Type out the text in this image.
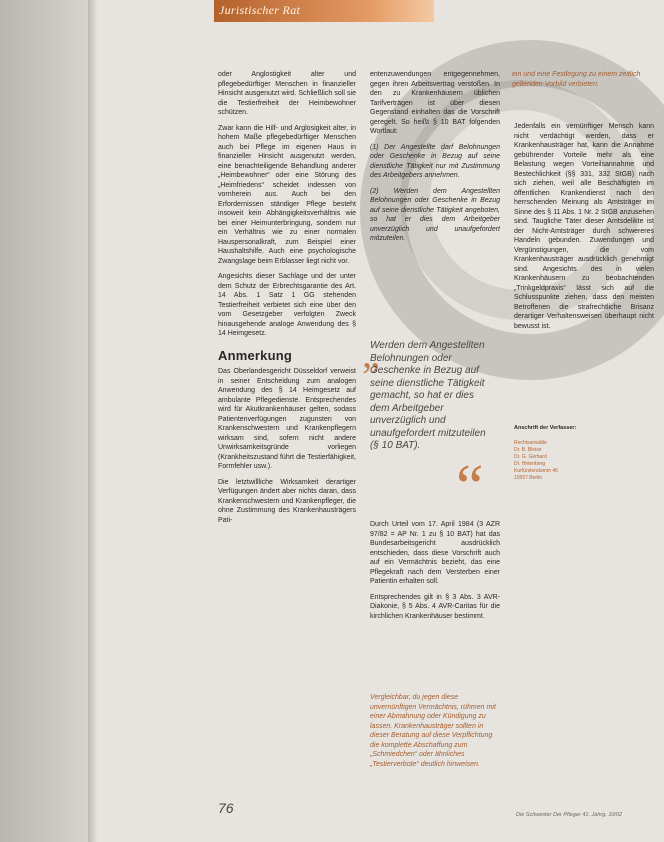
Juristischer Rat

oder Anglostigkeit alter und pflegebedürftiger Menschen in finanzieller Hinsicht ausgenutzt wird. Schließlich soll sie die Testierfreiheit der Heimbewohner schützen.

Zwar kann die Hilf- und Arglosigkeit alter, in hohem Maße pflegebedürftiger Menschen auch bei Pflege im eigenen Haus in finanzieller Hinsicht ausgenutzt werden, eine benachteiligende Behandlung anderer „Heimbewohner“ oder eine Störung des „Heimfriedens“ scheidet indessen von vornherein aus. Auch bei den Erfordernissen ständiger Pflege besteht insoweit kein Abhängigkeitsverhältnis wie bei einer Heimunterbringung, sondern nur ein Verhältnis wie zu einer normalen Hauspersonalkraft, zum Beispiel einer Haushaltshilfe. Auch eine psychologische Zwangslage beim Erblasser liegt nicht vor.

Angesichts dieser Sachlage und der unter dem Schutz der Erbrechtsgarantie des Art. 14 Abs. 1 Satz 1 GG stehenden Testierfreiheit verbietet sich eine über den vom Gesetzgeber verfolgten Zweck hinausgehende analoge Anwendung des § 14 Heimgesetz.

Anmerkung

Das Oberlandesgericht Düsseldorf verweist in seiner Entscheidung zum analogen Anwendung des § 14 Heimgesetz auf ambulante Pflegedienste. Entsprechendes wird für Akutkrankenhäuser gelten, sodass Patientenverfügungen zugunsten von Krankenschwestern und Krankenpflegern wirksam sind, sofern nicht andere Unwirksamkeitsgründe vorliegen (Krankheitszustand führt die Testierfähigkeit, Formfehler usw.).

Die letztwillliche Wirksamkeit derartiger Verfügungen ändert aber nichts daran, dass Krankenschwestern und Krankenpfleger, die ohne Zustimmung des Krankenhausträgers Pati-

entenzuwendungen entgegennehmen, gegen ihren Arbeitsvertrag verstoßen. In den zu Krankenhäusern üblichen Tarifverträgen ist über diesen Gegenstand einhalten das die Vorschrift geregelt. So heißt § 10 BAT folgenden Wortlaut:

(1) Der Angestellte darf Belohnungen oder Geschenke in Bezug auf seine dienstliche Tätigkeit nur mit Zustimmung des Arbeitgebers annehmen.

(2) Werden dem Angestellten Belohnungen oder Geschenke in Bezug auf seine dienstliche Tätigkeit angeboten, so hat er dies dem Arbeitgeber unverzüglich und unaufgefordert mitzuteilen.

„
Werden dem Angestellten Belohnungen oder Geschenke in Bezug auf seine dienstliche Tätigkeit gemacht, so hat er dies dem Arbeitgeber unverzüglich und unaufgefordert mitzuteilen (§ 10 BAT).
“

Durch Urteil vom 17. April 1984 (3 AZR 97/82 = AP Nr. 1 zu § 10 BAT) hat das Bundesarbeitsgericht ausdrücklich entschieden, dass diese Vorschrift auch auf ein Vermächtnis bezieht, das eine Pflegekraft nach dem Versterben einer Patientin erhalten soll.

Entsprechendes gilt in § 3 Abs. 3 AVR-Diakonie, § 5 Abs. 4 AVR-Caritas für die kirchlichen Krankenhäuser bestimmt.

Vergleichbar, du jegen diese unvernünftigen Vermächtnis, rühmen mit einer Abmahnung oder Kündigung zu lassen. Krankenhausträger sollten in dieser Beratung auf diese Verpflichtung die komplette Abschaffung zum „Schmiedchen“ oder ähnliches „Testierverbote“ deutlich hinweisen.
ein und eine Festlegung zu einem zeitlich geltenden Vorbild verbieten.

Jedenfalls ein vernünftiger Mensch kann nicht verdächtigt werden, dass er Krankenhausträger hat, kann die Annahme gebührender Vorteile mehr als eine Belastung wegen Vorteilsannahme und Bestechlichkeit (§§ 331, 332 StGB) nach sich ziehen, weil alle Beschäftigten im öffentlichen Krankendienst nach den herrschenden Meinung als Amtsträger im Sinne des § 11 Abs. 1 Nr. 2 StGB anzusehen sind. Taugliche Täter dieser Amtsdelikte ist der Nicht-Amtsträger durch schwereres Handeln gebunden. Zuwendungen und Vergünstigungen, die vom Krankenhausträger ausdrücklich genehmigt sind. Angesichts des in vielen Krankenhäusern zu beobachtenden „Trinkgeldpraxis“ lässt sich auf die Schlusspunkte ziehen, dass den meisten Betroffenen die strafrechtliche Brisanz derartiger Verhaltensweisen überhaupt nicht bewusst ist.

Anschrift der Verfasser:
Rechtsanwälte
Dr. B. Bleise
Dr. G. Gerhard
Dr. Hirtenberg
Kurfürstendamm 46
10557 Berlin
76	Die Schwester Der Pfleger 41. Jahrg. 10/02
